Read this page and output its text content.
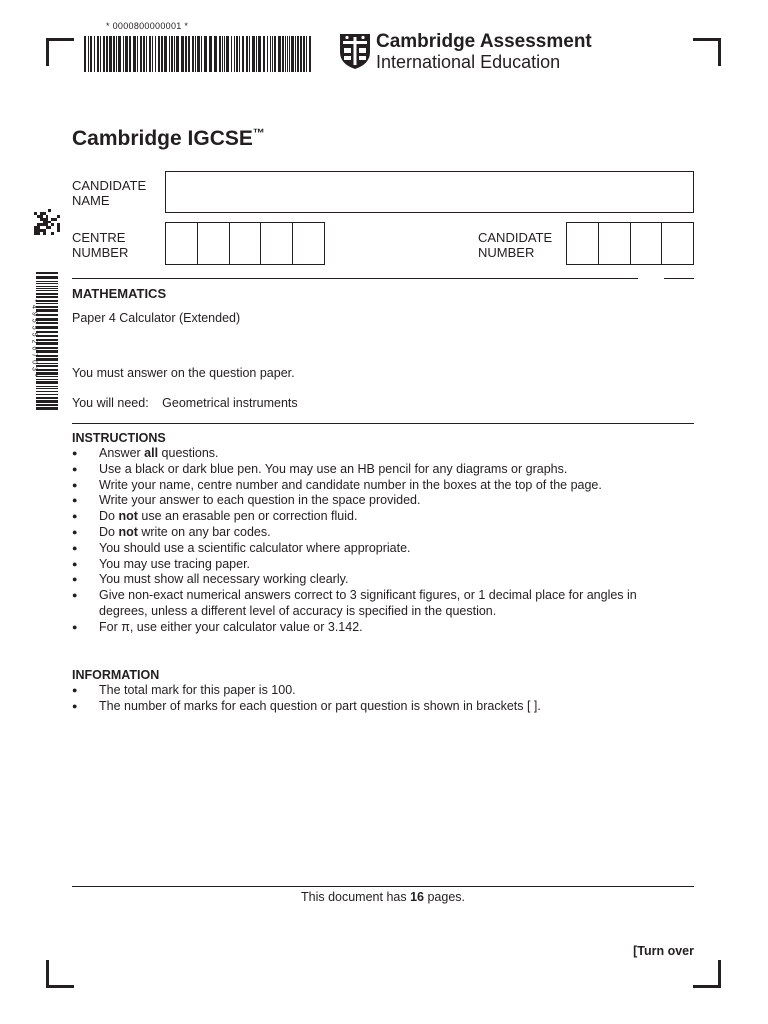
* 0000800000001 *
Cambridge Assessment
International Education
Cambridge IGCSE™
CANDIDATE
NAME
CENTRE
NUMBER
CANDIDATE
NUMBER
*4955526703*
MATHEMATICS
Paper 4 Calculator (Extended)
You must answer on the question paper.
You will need: Geometrical instruments
INSTRUCTIONS
● Answer all questions.
● Use a black or dark blue pen. You may use an HB pencil for any diagrams or graphs.
● Write your name, centre number and candidate number in the boxes at the top of the page.
● Write your answer to each question in the space provided.
● Do not use an erasable pen or correction fluid.
● Do not write on any bar codes.
● You should use a scientific calculator where appropriate.
● You may use tracing paper.
● You must show all necessary working clearly.
● Give non-exact numerical answers correct to 3 significant figures, or 1 decimal place for angles in degrees, unless a different level of accuracy is specified in the question.
● For π, use either your calculator value or 3.142.
INFORMATION
● The total mark for this paper is 100.
● The number of marks for each question or part question is shown in brackets [ ].
This document has 16 pages.
[Turn over
